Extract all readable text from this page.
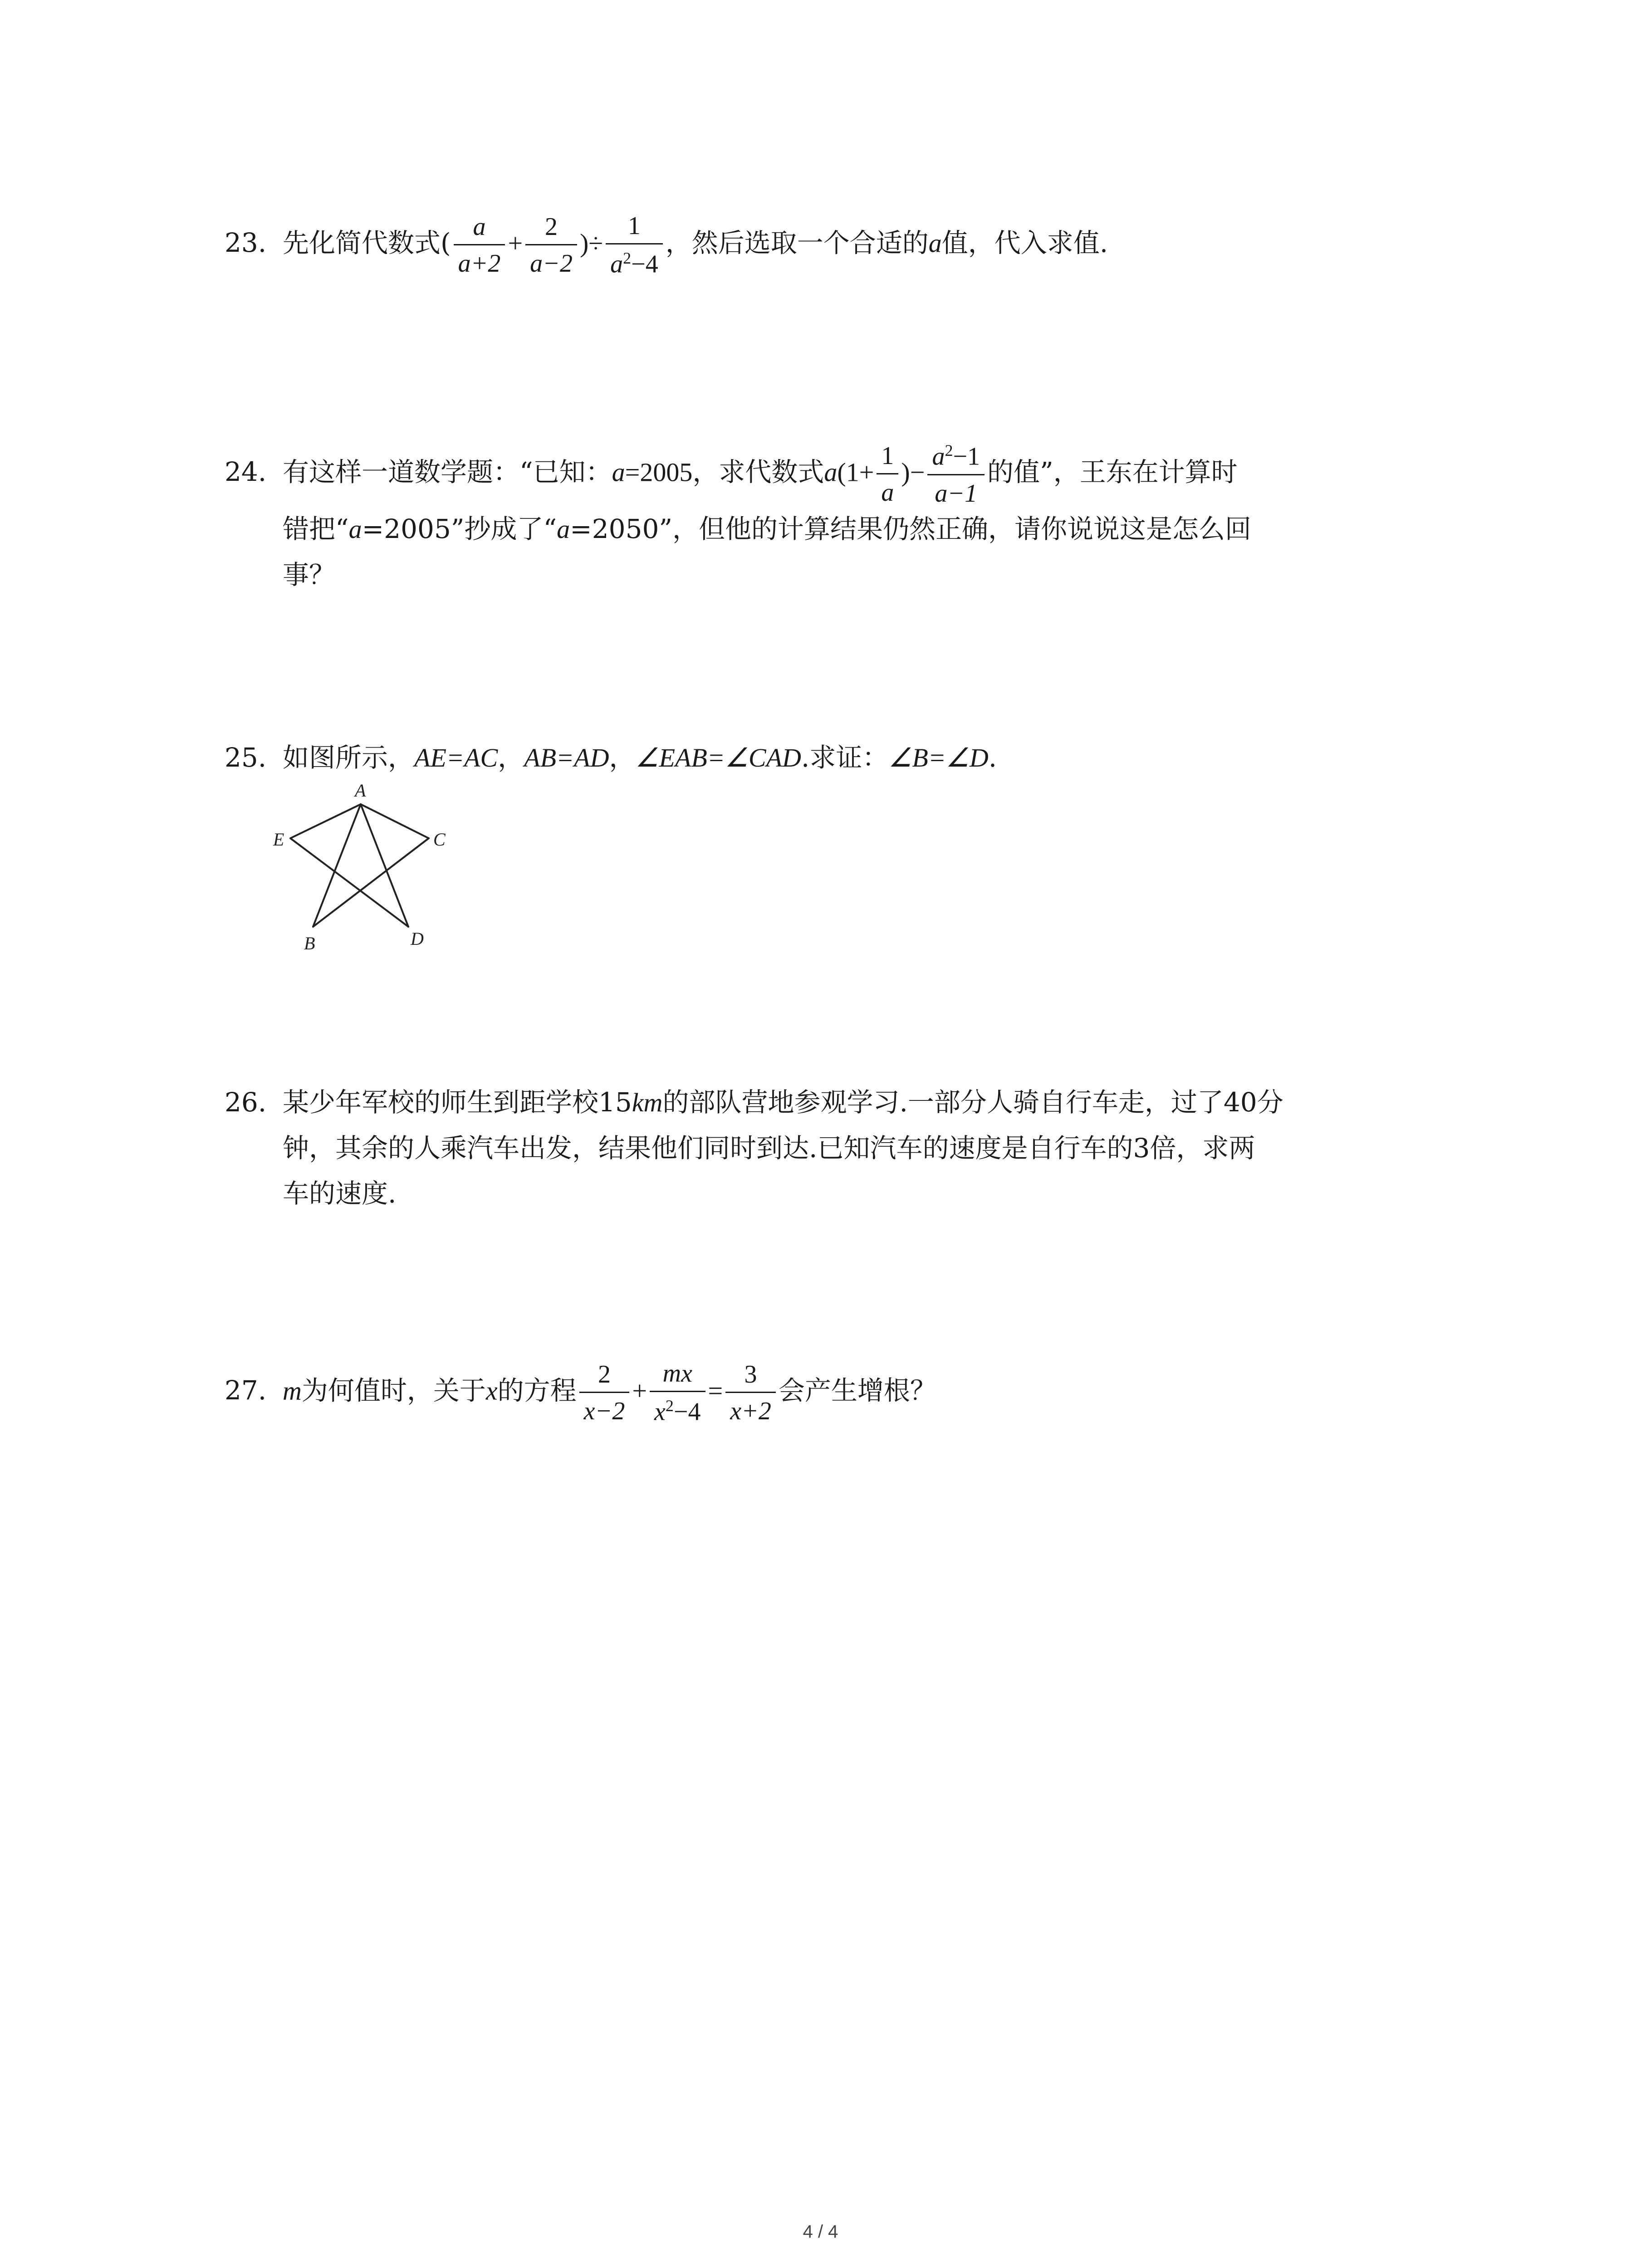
23. 先化简代数式( $\frac{a}{a+2} + \frac{2}{a-2}$ )÷ $\frac{1}{a^2-4}$ ，然后选取一个合适的a值，代入求值.
24. 有这样一道数学题：“已知：a=2005，求代数式$a(1+ \frac{1}{a}$ )− $\frac{a^2-1}{a-1}$ 的值”，王东在计算时
错把“a=2005”抄成了“a=2050”，但他的计算结果仍然正确，请你说说这是怎么回
事？
25. 如图所示，AE=AC，AB=AD，∠EAB=∠CAD.求证：∠B=∠D.
A
E	C
B	D
26. 某少年军校的师生到距学校15km的部队营地参观学习.一部分人骑自行车走，过了40分
钟，其余的人乘汽车出发，结果他们同时到达.已知汽车的速度是自行车的3倍，求两
车的速度.
27. m为何值时，关于x的方程 $\frac{2}{x-2} + \frac{mx}{x^2-4} = \frac{3}{x+2}$ 会产生增根？
4 / 4
